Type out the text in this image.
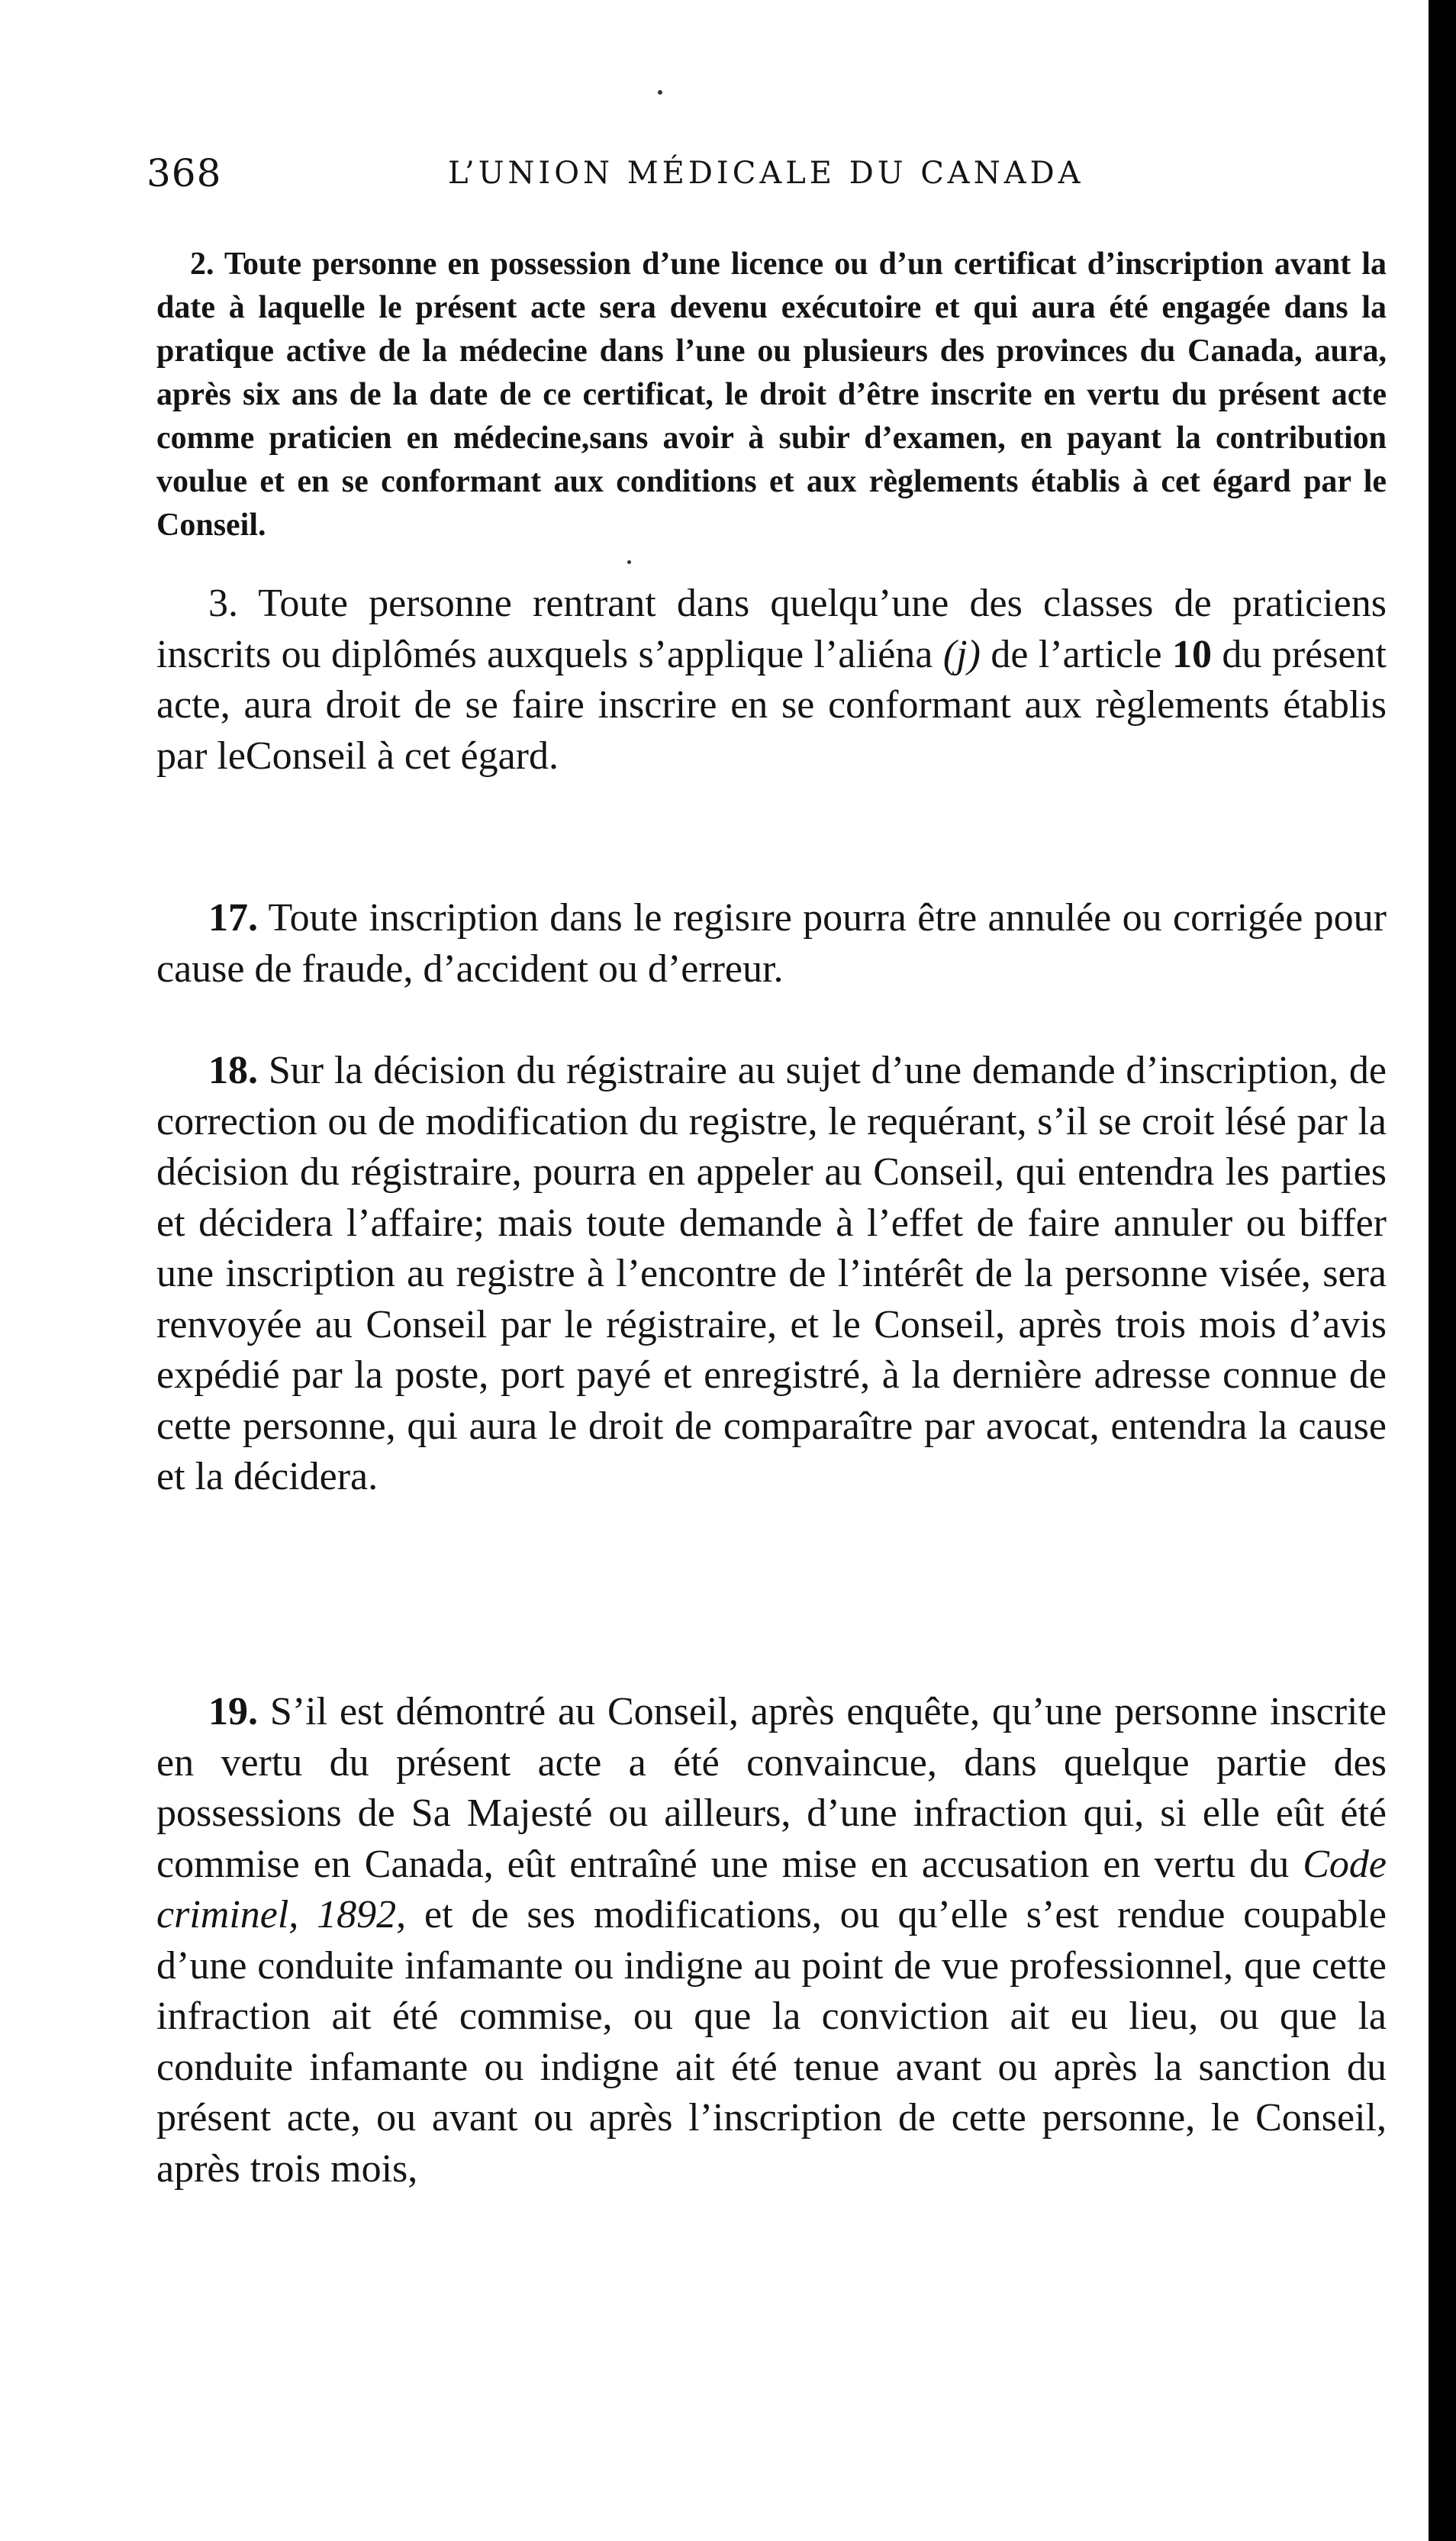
368	L’UNION MÉDICALE DU CANADA

2. Toute personne en possession d’une licence ou d’un certificat d’inscription avant la date à laquelle le présent acte sera devenu exécutoire et qui aura été engagée dans la pratique active de la médecine dans l’une ou plusieurs des provinces du Canada, aura, après six ans de la date de ce certificat, le droit d’être inscrite en vertu du présent acte comme praticien en médecine,sans avoir à subir d’examen, en payant la contribution voulue et en se conformant aux conditions et aux règlements établis à cet égard par le Conseil.

3. Toute personne rentrant dans quelqu’une des classes de praticiens inscrits ou diplômés auxquels s’applique l’aliéna (j) de l’article 10 du présent acte, aura droit de se faire inscrire en se conformant aux règlements établis par leConseil à cet égard.

17. Toute inscription dans le regisıre pourra être annulée ou corrigée pour cause de fraude, d’accident ou d’erreur.

18. Sur la décision du régistraire au sujet d’une demande d’inscription, de correction ou de modification du registre, le requérant, s’il se croit lésé par la décision du régistraire, pourra en appeler au Conseil, qui entendra les parties et décidera l’affaire; mais toute demande à l’effet de faire annuler ou biffer une inscription au registre à l’encontre de l’intérêt de la personne visée, sera renvoyée au Conseil par le régistraire, et le Conseil, après trois mois d’avis expédié par la poste, port payé et enregistré, à la dernière adresse connue de cette personne, qui aura le droit de comparaître par avocat, entendra la cause et la décidera.

19. S’il est démontré au Conseil, après enquête, qu’une personne inscrite en vertu du présent acte a été convaincue, dans quelque partie des possessions de Sa Majesté ou ailleurs, d’une infraction qui, si elle eût été commise en Canada, eût entraîné une mise en accusation en vertu du Code criminel, 1892, et de ses modifications, ou qu’elle s’est rendue coupable d’une conduite infamante ou indigne au point de vue professionnel, que cette infraction ait été commise, ou que la conviction ait eu lieu, ou que la conduite infamante ou indigne ait été tenue avant ou après la sanction du présent acte, ou avant ou après l’inscription de cette personne, le Conseil, après trois mois,
